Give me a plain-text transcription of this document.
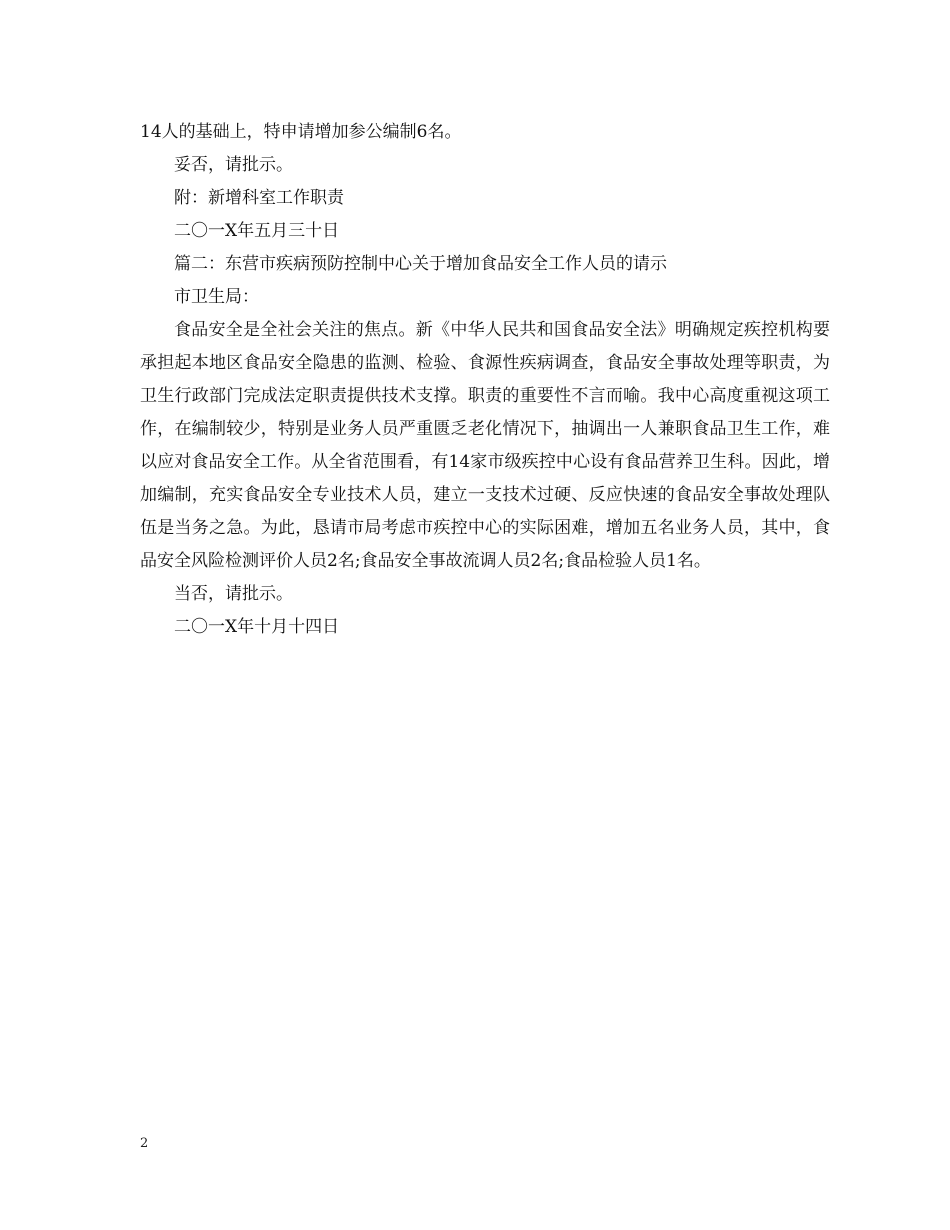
14人的基础上，特申请增加参公编制6名。
妥否，请批示。
附：新增科室工作职责
二〇一X年五月三十日
篇二：东营市疾病预防控制中心关于增加食品安全工作人员的请示
市卫生局：
食品安全是全社会关注的焦点。新《中华人民共和国食品安全法》明确规定疾控机构要承担起本地区食品安全隐患的监测、检验、食源性疾病调查，食品安全事故处理等职责，为卫生行政部门完成法定职责提供技术支撑。职责的重要性不言而喻。我中心高度重视这项工作，在编制较少，特别是业务人员严重匮乏老化情况下，抽调出一人兼职食品卫生工作，难以应对食品安全工作。从全省范围看，有14家市级疾控中心设有食品营养卫生科。因此，增加编制，充实食品安全专业技术人员，建立一支技术过硬、反应快速的食品安全事故处理队伍是当务之急。为此，恳请市局考虑市疾控中心的实际困难，增加五名业务人员，其中，食品安全风险检测评价人员2名;食品安全事故流调人员2名;食品检验人员1名。
当否，请批示。
二〇一X年十月十四日
2
